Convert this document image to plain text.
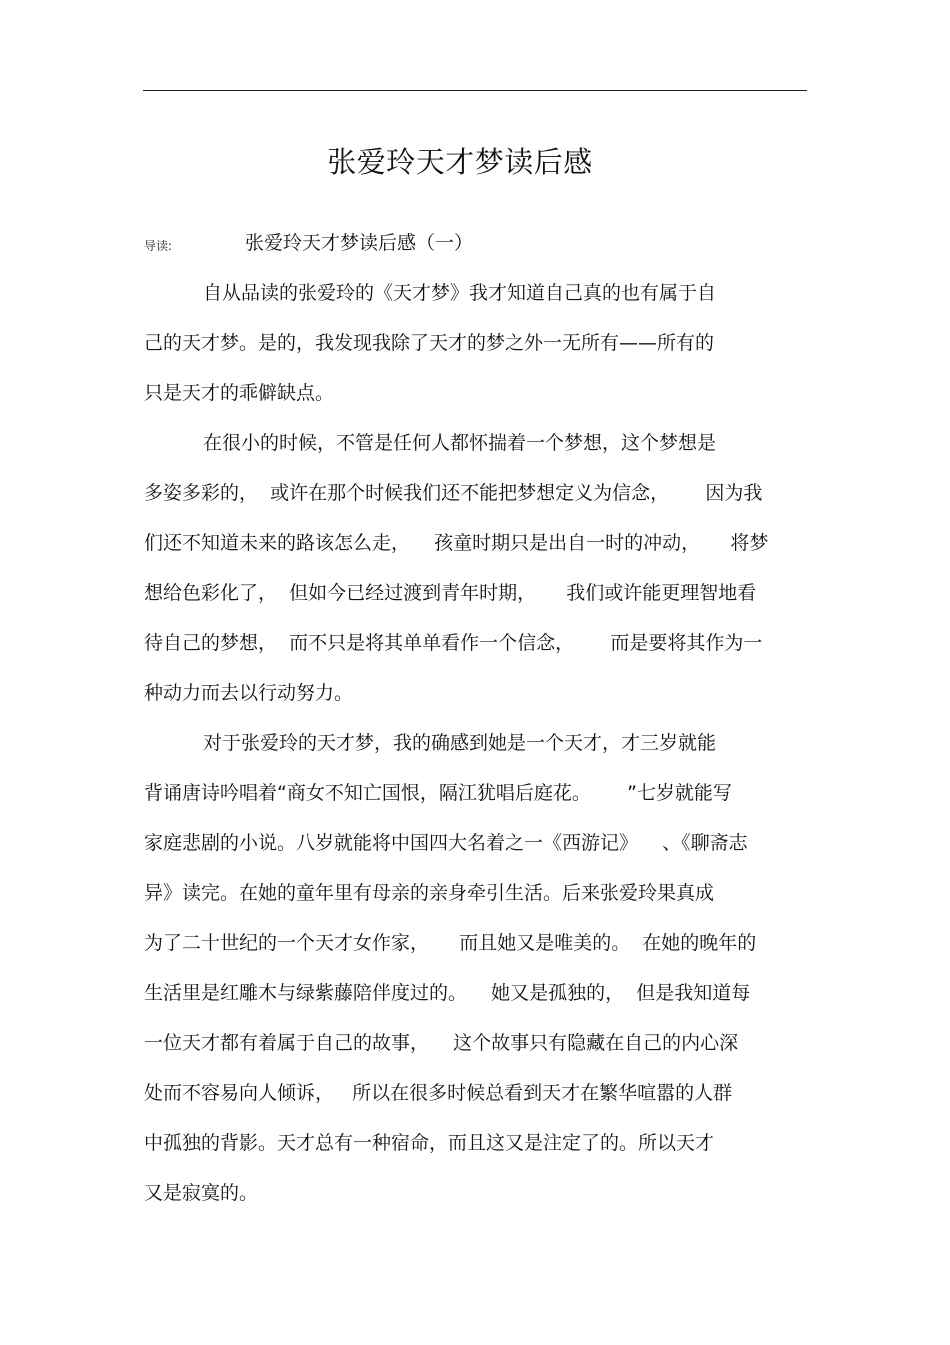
张爱玲天才梦读后感
导读:	张爱玲天才梦读后感（一）
自从品读的张爱玲的《天才梦》我才知道自己真的也有属于自
己的天才梦。是的，我发现我除了天才的梦之外一无所有——所有的
只是天才的乖僻缺点。
在很小的时候，不管是任何人都怀揣着一个梦想，这个梦想是
多姿多彩的，  或许在那个时候我们还不能把梦想定义为信念，      因为我
们还不知道未来的路该怎么走，    孩童时期只是出自一时的冲动，     将梦
想给色彩化了，  但如今已经过渡到青年时期，     我们或许能更理智地看
待自己的梦想，  而不只是将其单单看作一个信念，      而是要将其作为一
种动力而去以行动努力。
对于张爱玲的天才梦，我的确感到她是一个天才，才三岁就能
背诵唐诗吟唱着“商女不知亡国恨，隔江犹唱后庭花。      ”七岁就能写
家庭悲剧的小说。八岁就能将中国四大名着之一《西游记》    、《聊斋志
异》读完。在她的童年里有母亲的亲身牵引生活。后来张爱玲果真成
为了二十世纪的一个天才女作家，     而且她又是唯美的。  在她的晚年的
生活里是红雕木与绿紫藤陪伴度过的。    她又是孤独的，  但是我知道每
一位天才都有着属于自己的故事，    这个故事只有隐藏在自己的内心深
处而不容易向人倾诉，   所以在很多时候总看到天才在繁华喧嚣的人群
中孤独的背影。天才总有一种宿命，而且这又是注定了的。所以天才
又是寂寞的。
